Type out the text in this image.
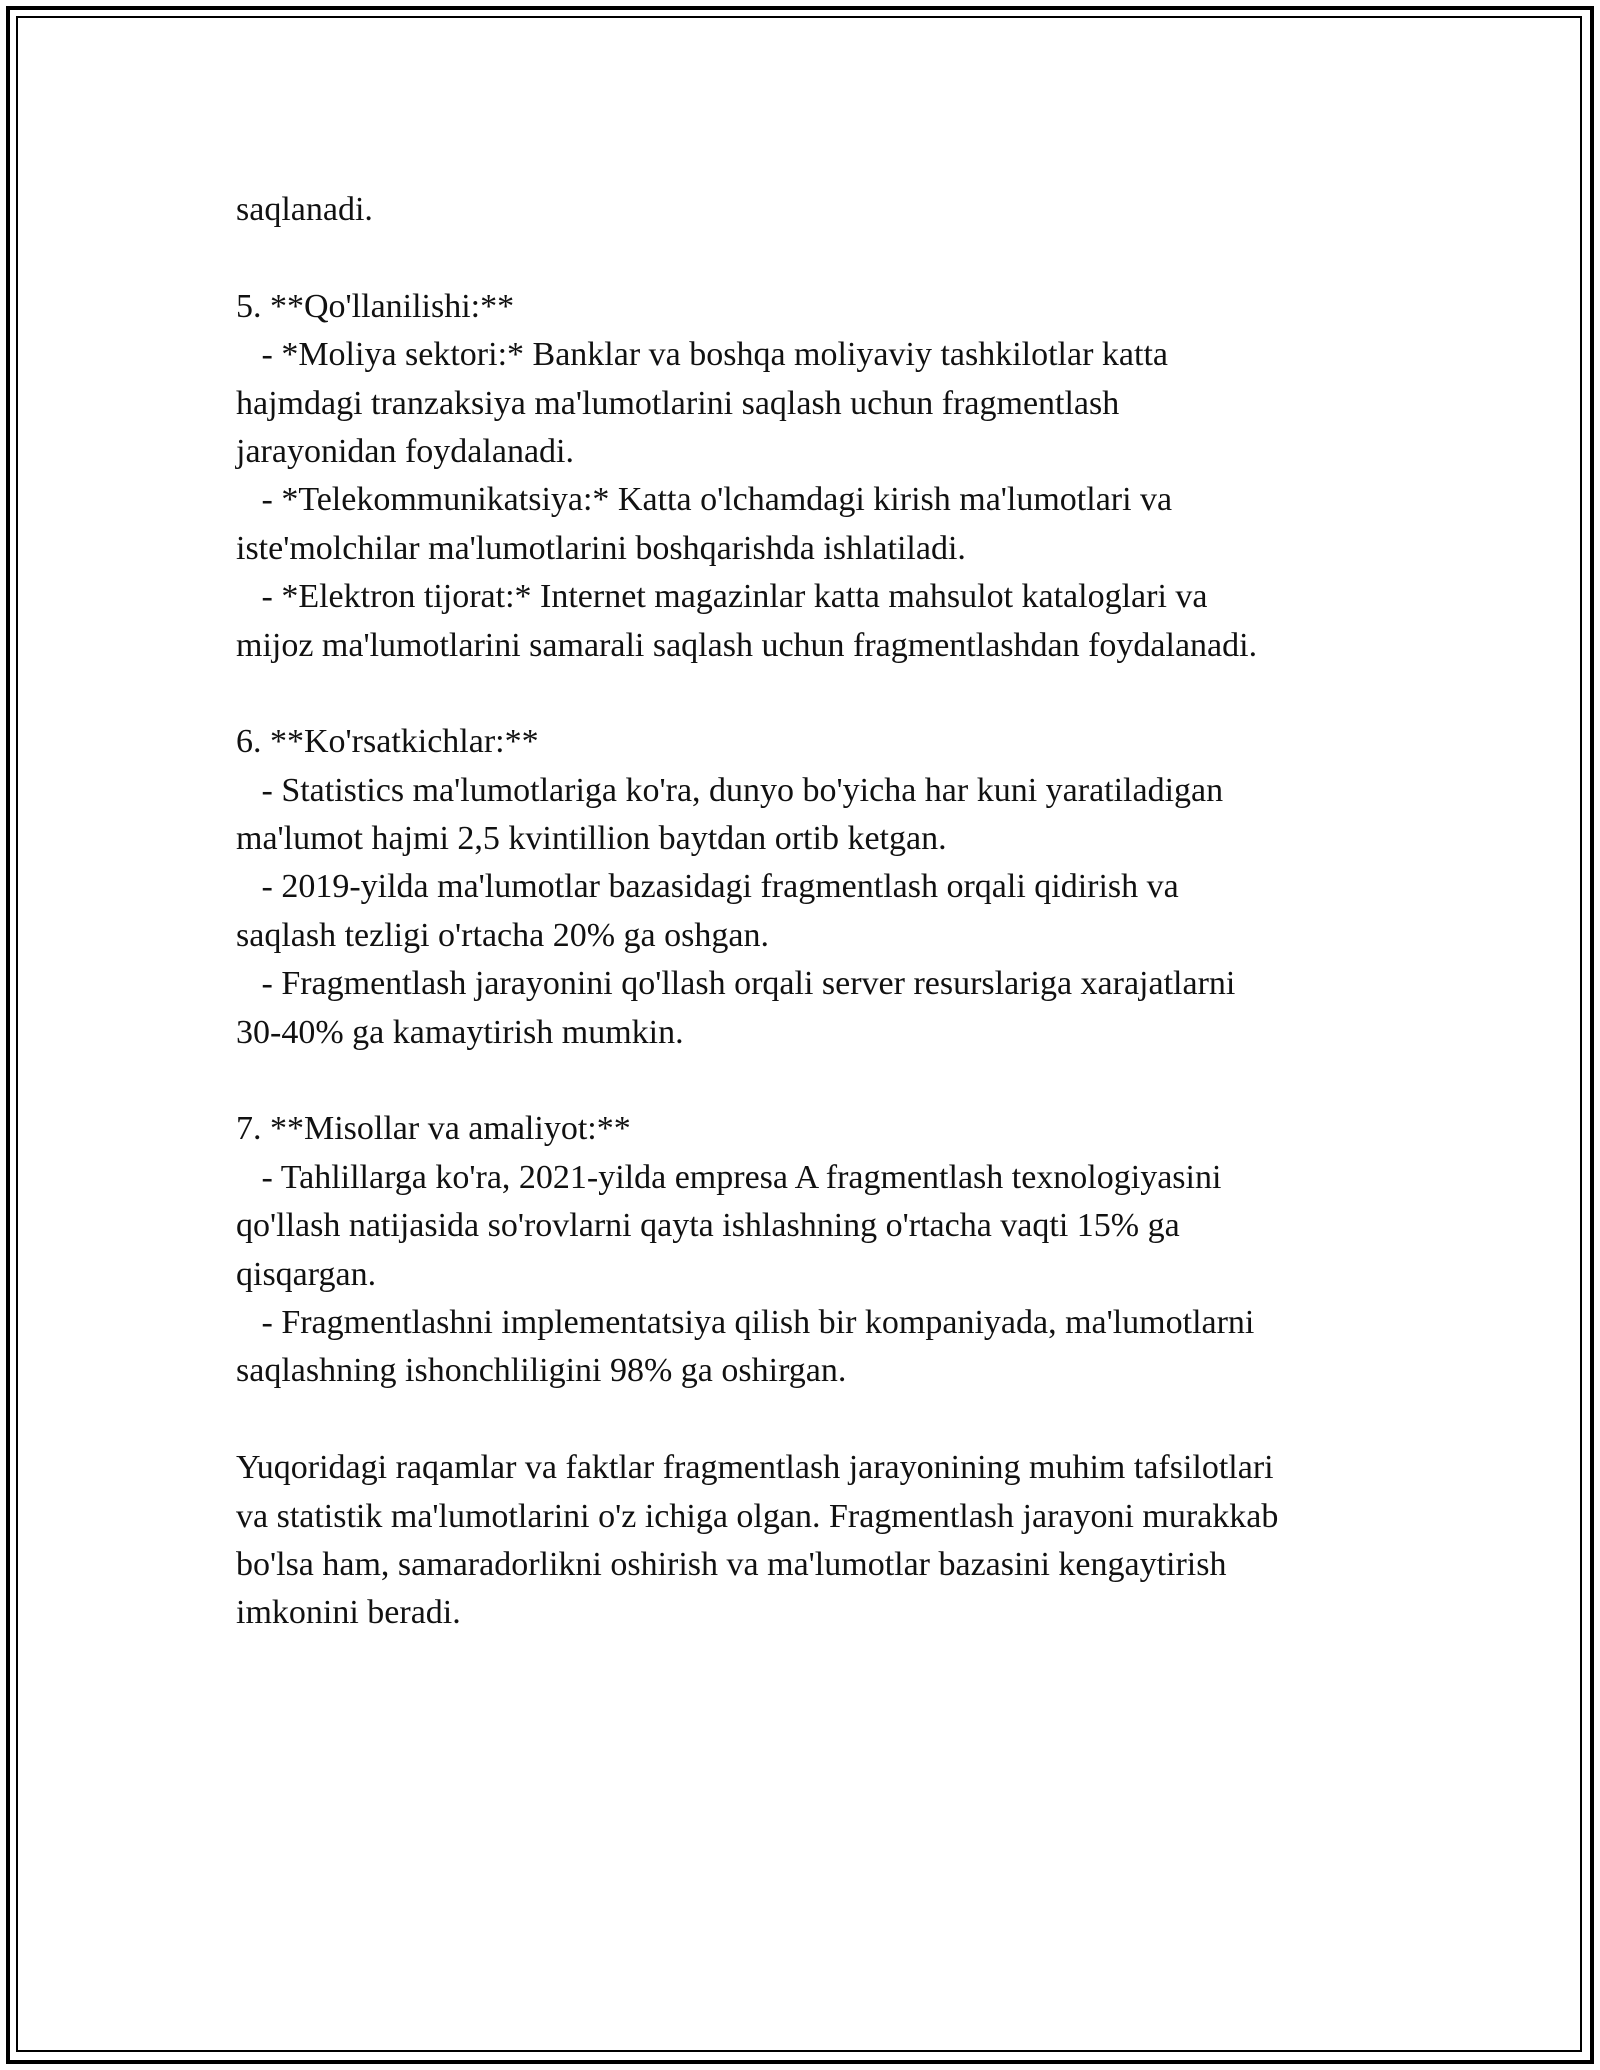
saqlanadi.
5. **Qo'llanilishi:**
- *Moliya sektori:* Banklar va boshqa moliyaviy tashkilotlar katta
hajmdagi tranzaksiya ma'lumotlarini saqlash uchun fragmentlash
jarayonidan foydalanadi.
- *Telekommunikatsiya:* Katta o'lchamdagi kirish ma'lumotlari va
iste'molchilar ma'lumotlarini boshqarishda ishlatiladi.
- *Elektron tijorat:* Internet magazinlar katta mahsulot kataloglari va
mijoz ma'lumotlarini samarali saqlash uchun fragmentlashdan foydalanadi.
6. **Ko'rsatkichlar:**
- Statistics ma'lumotlariga ko'ra, dunyo bo'yicha har kuni yaratiladigan
ma'lumot hajmi 2,5 kvintillion baytdan ortib ketgan.
- 2019-yilda ma'lumotlar bazasidagi fragmentlash orqali qidirish va
saqlash tezligi o'rtacha 20% ga oshgan.
- Fragmentlash jarayonini qo'llash orqali server resurslariga xarajatlarni
30-40% ga kamaytirish mumkin.
7. **Misollar va amaliyot:**
- Tahlillarga ko'ra, 2021-yilda empresa A fragmentlash texnologiyasini
qo'llash natijasida so'rovlarni qayta ishlashning o'rtacha vaqti 15% ga
qisqargan.
- Fragmentlashni implementatsiya qilish bir kompaniyada, ma'lumotlarni
saqlashning ishonchliligini 98% ga oshirgan.
Yuqoridagi raqamlar va faktlar fragmentlash jarayonining muhim tafsilotlari
va statistik ma'lumotlarini o'z ichiga olgan. Fragmentlash jarayoni murakkab
bo'lsa ham, samaradorlikni oshirish va ma'lumotlar bazasini kengaytirish
imkonini beradi.
